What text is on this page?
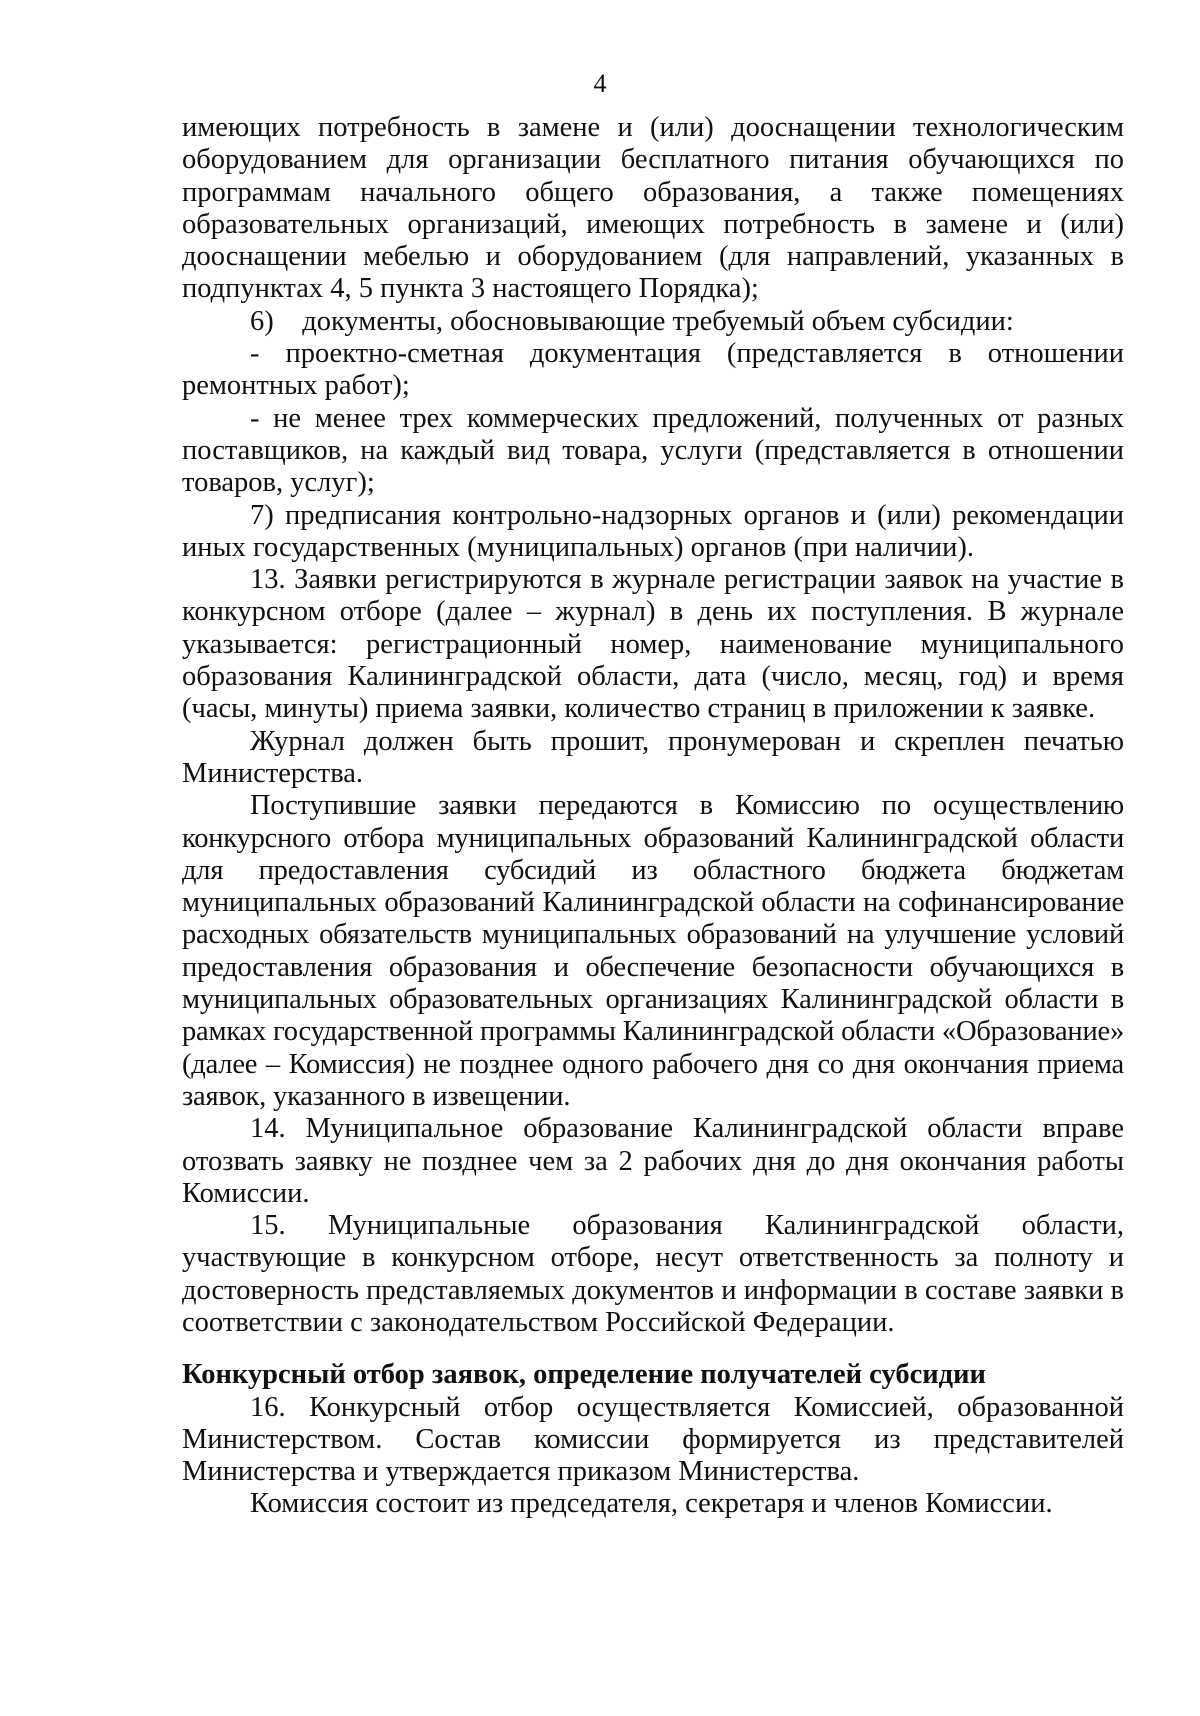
4

имеющих потребность в замене и (или) дооснащении технологическим оборудованием для организации бесплатного питания обучающихся по программам начального общего образования, а также помещениях образовательных организаций, имеющих потребность в замене и (или) дооснащении мебелью и оборудованием (для направлений, указанных в подпунктах 4, 5 пункта 3 настоящего Порядка);

6) документы, обосновывающие требуемый объем субсидии:

- проектно-сметная документация (представляется в отношении ремонтных работ);

- не менее трех коммерческих предложений, полученных от разных поставщиков, на каждый вид товара, услуги (представляется в отношении товаров, услуг);

7) предписания контрольно-надзорных органов и (или) рекомендации иных государственных (муниципальных) органов (при наличии).

13. Заявки регистрируются в журнале регистрации заявок на участие в конкурсном отборе (далее – журнал) в день их поступления. В журнале указывается: регистрационный номер, наименование муниципального образования Калининградской области, дата (число, месяц, год) и время (часы, минуты) приема заявки, количество страниц в приложении к заявке.

Журнал должен быть прошит, пронумерован и скреплен печатью Министерства.

Поступившие заявки передаются в Комиссию по осуществлению конкурсного отбора муниципальных образований Калининградской области для предоставления субсидий из областного бюджета бюджетам муниципальных образований Калининградской области на софинансирование расходных обязательств муниципальных образований на улучшение условий предоставления образования и обеспечение безопасности обучающихся в муниципальных образовательных организациях Калининградской области в рамках государственной программы Калининградской области «Образование» (далее – Комиссия) не позднее одного рабочего дня со дня окончания приема заявок, указанного в извещении.

14. Муниципальное образование Калининградской области вправе отозвать заявку не позднее чем за 2 рабочих дня до дня окончания работы Комиссии.

15. Муниципальные образования Калининградской области, участвующие в конкурсном отборе, несут ответственность за полноту и достоверность представляемых документов и информации в составе заявки в соответствии с законодательством Российской Федерации.

Конкурсный отбор заявок, определение получателей субсидии

16. Конкурсный отбор осуществляется Комиссией, образованной Министерством. Состав комиссии формируется из представителей Министерства и утверждается приказом Министерства.

Комиссия состоит из председателя, секретаря и членов Комиссии.
